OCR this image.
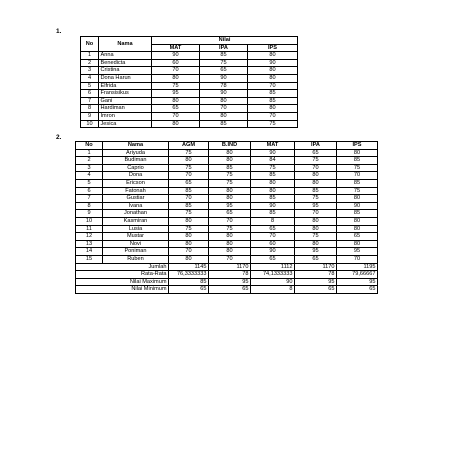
1.
No	Nama	Nilai		
		MAT	IPA	IPS
1	Anna	90	85	80
2	Benedicta	60	75	90
3	Cristina	70	65	80
4	Dona Harun	80	90	80
5	Elfrida	75	78	70
6	Fransisikus	95	90	85
7	Gani	80	80	85
8	Hardiman	65	70	80
9	Imron	70	80	70
10	Jesica	80	85	75
2.
No	Nama	AGM	B.IND	MAT	IPA	IPS
1	Ariyuda	75	80	90	65	80
2	Budiman	80	80	84	75	85
3	Caprio	75	85	75	70	75
4	Dona	70	75	85	80	70
5	Ericson	65	75	80	80	85
6	Fatonah	85	80	80	85	75
7	Gustiar	70	80	85	75	80
8	Ivana	85	95	90	95	90
9	Jonathan	75	65	85	70	85
10	Kasmiran	80	70	8	80	80
11	Lusia	75	75	65	80	80
12	Mustar	80	80	70	75	65
13	Novi	80	80	60	80	80
14	Poniman	70	80	90	95	95
15	Ruben	80	70	65	65	70
Jumlah		1145	1170	1112	1170	1195
Rata-Rata		76,3333333	78	74,1333333	78	79,66667
Nilai Maximum		85	95	90	95	95
Nilai Minimum		65	65	8	65	65
